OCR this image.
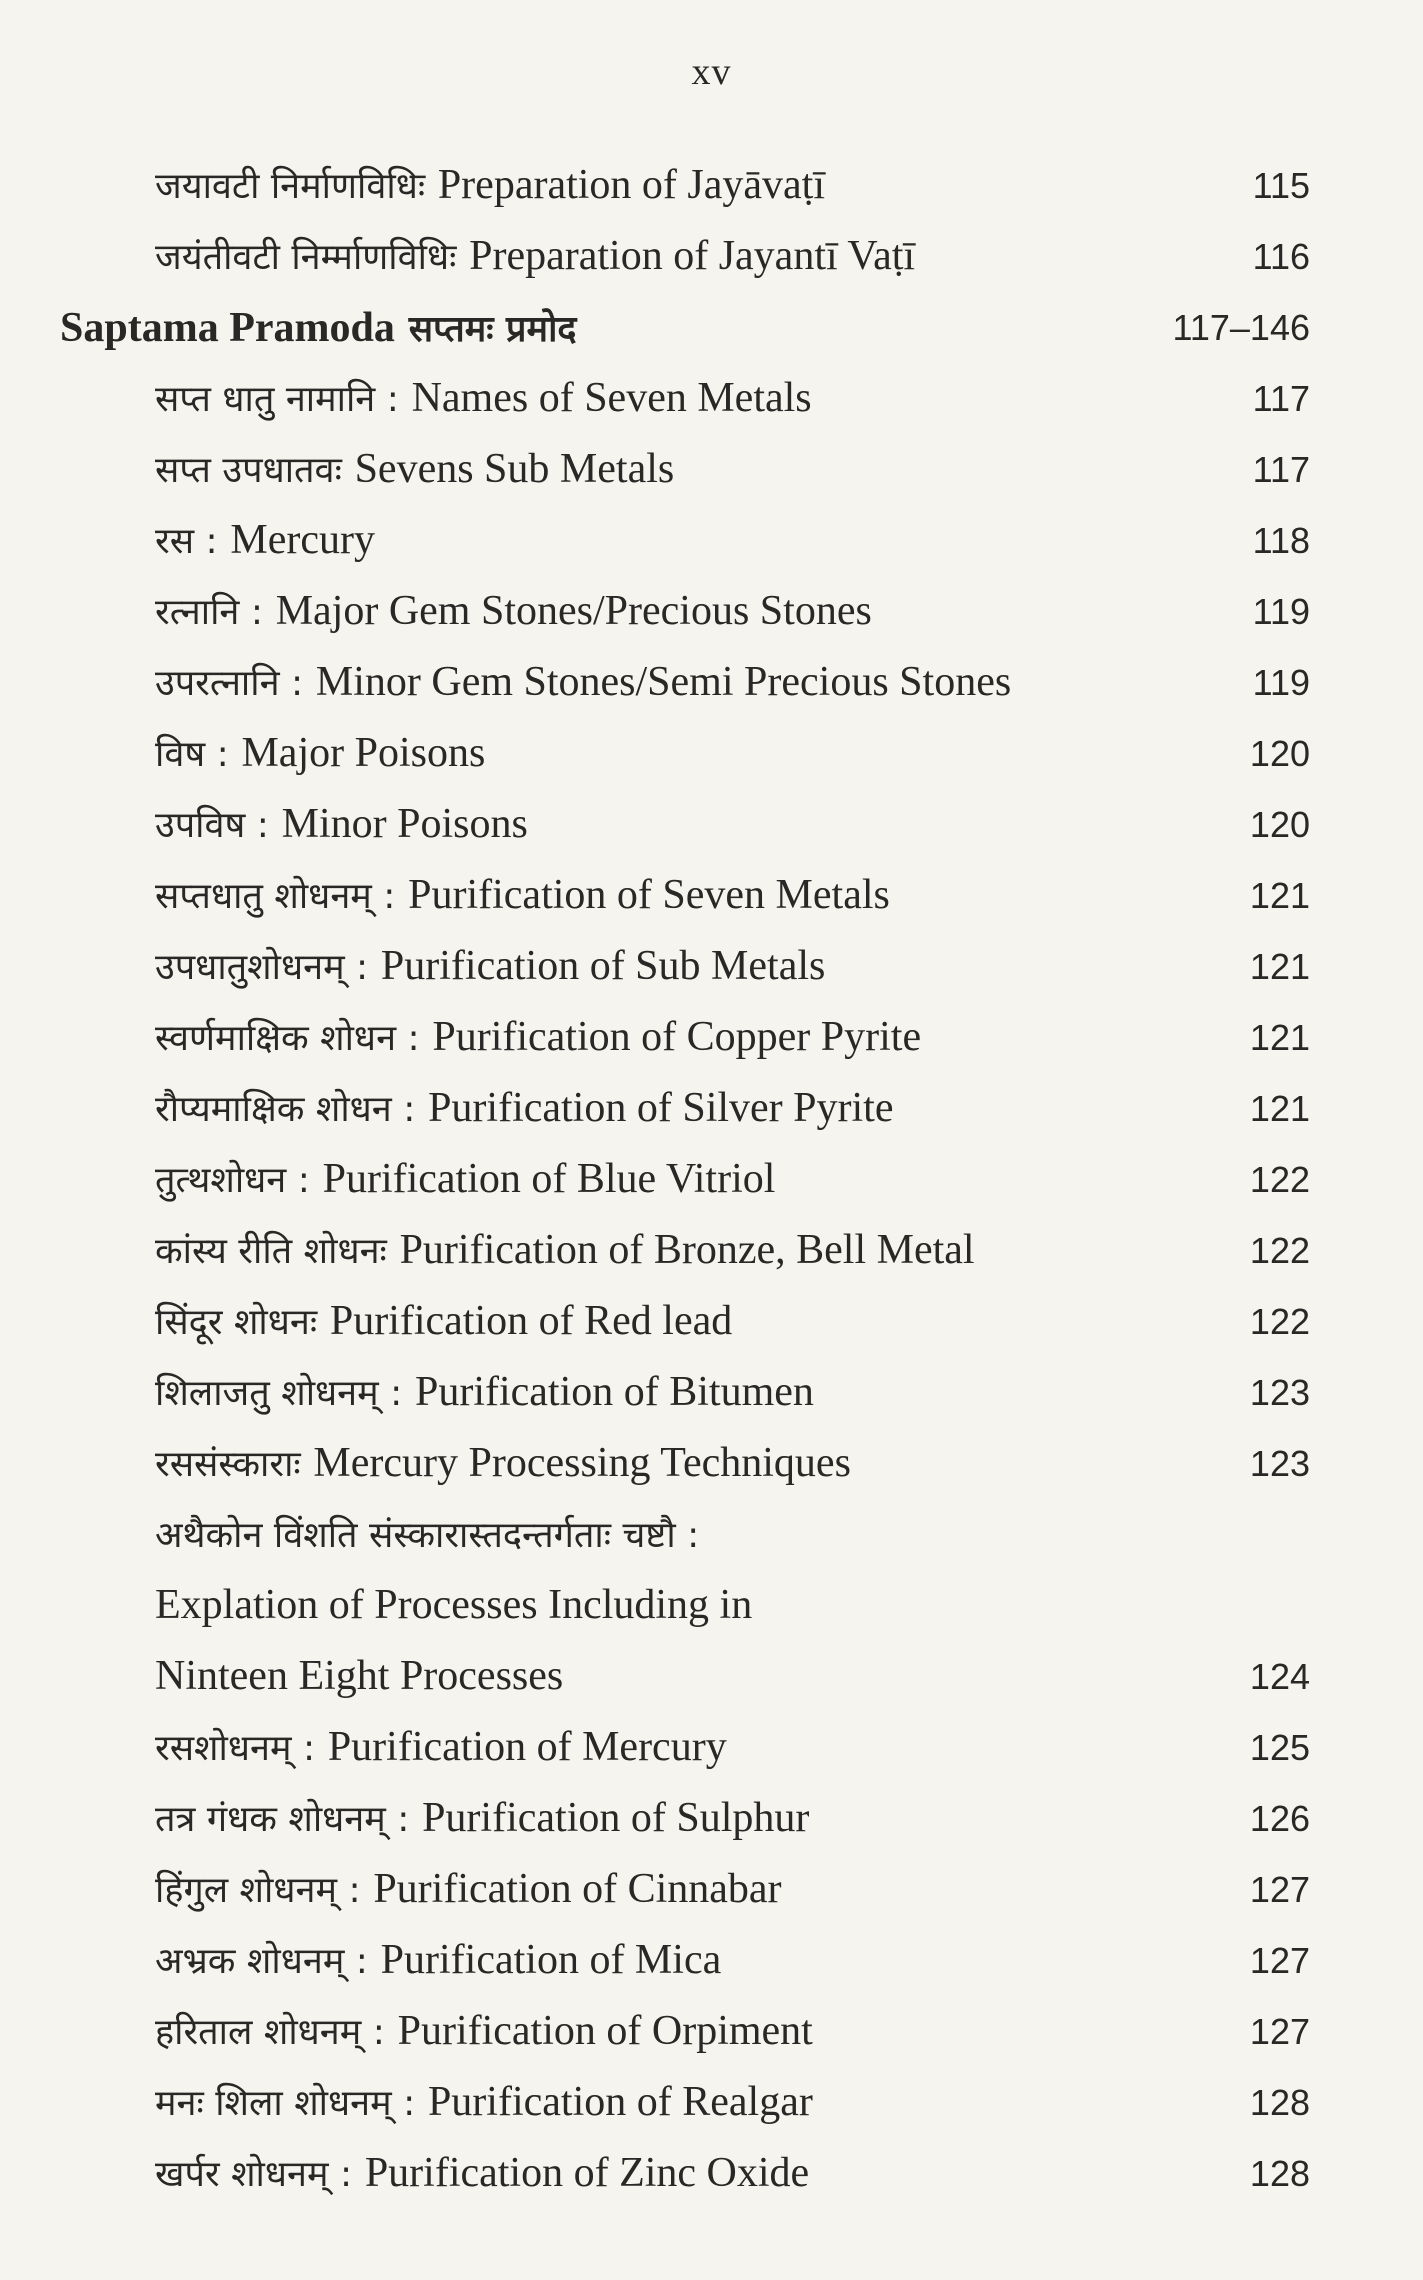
xv
जयावटी निर्माणविधिः Preparation of Jayāvaṭī	115
जयंतीवटी निर्म्माणविधिः Preparation of Jayantī Vaṭī	116
Saptama Pramoda सप्तमः प्रमोद	117–146
सप्त धातु नामानि : Names of Seven Metals	117
सप्त उपधातवः Sevens Sub Metals	117
रस : Mercury	118
रत्नानि : Major Gem Stones/Precious Stones	119
उपरत्नानि : Minor Gem Stones/Semi Precious Stones	119
विष : Major Poisons	120
उपविष : Minor Poisons	120
सप्तधातु शोधनम् : Purification of Seven Metals	121
उपधातुशोधनम् : Purification of Sub Metals	121
स्वर्णमाक्षिक शोधन : Purification of Copper Pyrite	121
रौप्यमाक्षिक शोधन : Purification of Silver Pyrite	121
तुत्थशोधन : Purification of Blue Vitriol	122
कांस्य रीति शोधनः Purification of Bronze, Bell Metal	122
सिंदूर शोधनः Purification of Red lead	122
शिलाजतु शोधनम् : Purification of Bitumen	123
रससंस्काराः Mercury Processing Techniques	123
अथैकोन विंशति संस्कारास्तदन्तर्गताः चष्टौ :
Explation of Processes Including in
Ninteen Eight Processes	124
रसशोधनम् : Purification of Mercury	125
तत्र गंधक शोधनम् : Purification of Sulphur	126
हिंगुल शोधनम् : Purification of Cinnabar	127
अभ्रक शोधनम् : Purification of Mica	127
हरिताल शोधनम् : Purification of Orpiment	127
मनः शिला शोधनम् : Purification of Realgar	128
खर्पर शोधनम् : Purification of Zinc Oxide	128
